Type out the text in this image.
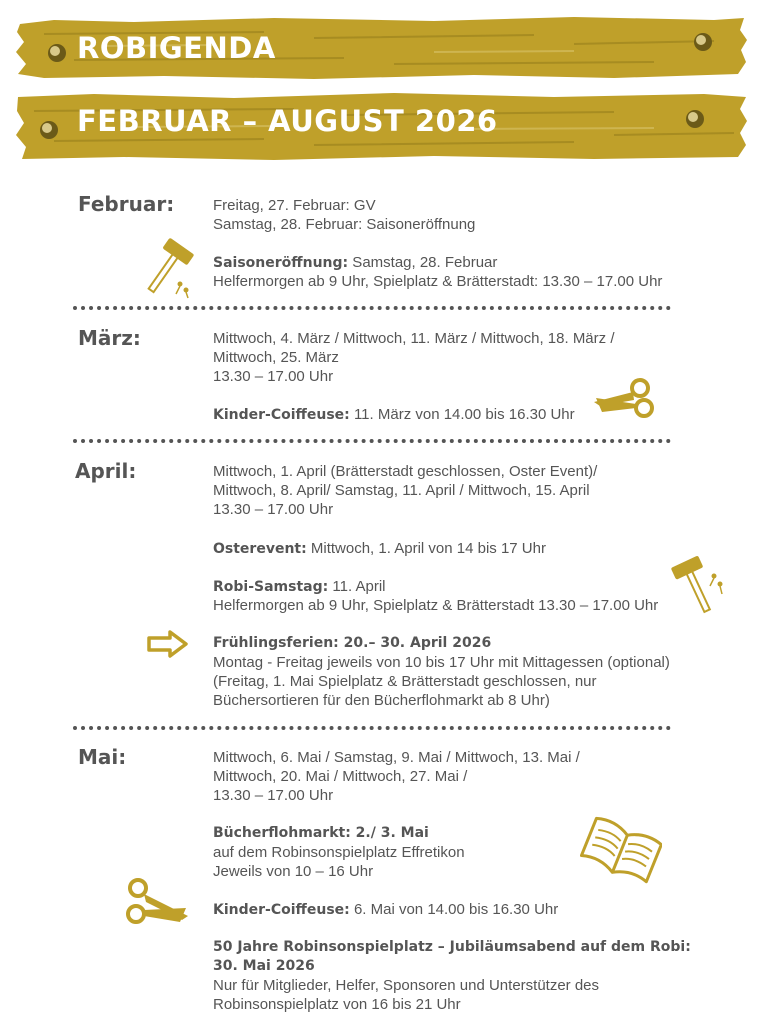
ROBIGENDA
FEBRUAR – AUGUST 2026
Februar:	Freitag, 27. Februar: GV
Samstag, 28. Februar: Saisoneröffnung
Saisoneröffnung: Samstag, 28. Februar
Helfermorgen ab 9 Uhr, Spielplatz & Brätterstadt: 13.30 – 17.00 Uhr
März:	Mittwoch, 4. März / Mittwoch, 11. März / Mittwoch, 18. März /
Mittwoch, 25. März
13.30 – 17.00 Uhr
Kinder-Coiffeuse: 11. März von 14.00 bis 16.30 Uhr
April:	Mittwoch, 1. April (Brätterstadt geschlossen, Oster Event)/
Mittwoch, 8. April/ Samstag, 11. April / Mittwoch, 15. April
13.30 – 17.00 Uhr
Osterevent: Mittwoch, 1. April von 14 bis 17 Uhr
Robi-Samstag: 11. April
Helfermorgen ab 9 Uhr, Spielplatz & Brätterstadt 13.30 – 17.00 Uhr
Frühlingsferien: 20.– 30. April 2026
Montag - Freitag jeweils von 10 bis 17 Uhr mit Mittagessen (optional)
(Freitag, 1. Mai Spielplatz & Brätterstadt geschlossen, nur
Büchersortieren für den Bücherflohmarkt ab 8 Uhr)
Mai:	Mittwoch, 6. Mai / Samstag, 9. Mai / Mittwoch, 13. Mai /
Mittwoch, 20. Mai / Mittwoch, 27. Mai /
13.30 – 17.00 Uhr
Bücherflohmarkt: 2./ 3. Mai
auf dem Robinsonspielplatz Effretikon
Jeweils von 10 – 16 Uhr
Kinder-Coiffeuse: 6. Mai von 14.00 bis 16.30 Uhr
50 Jahre Robinsonspielplatz – Jubiläumsabend auf dem Robi:
30. Mai 2026
Nur für Mitglieder, Helfer, Sponsoren und Unterstützer des
Robinsonspielplatz von 16 bis 21 Uhr
